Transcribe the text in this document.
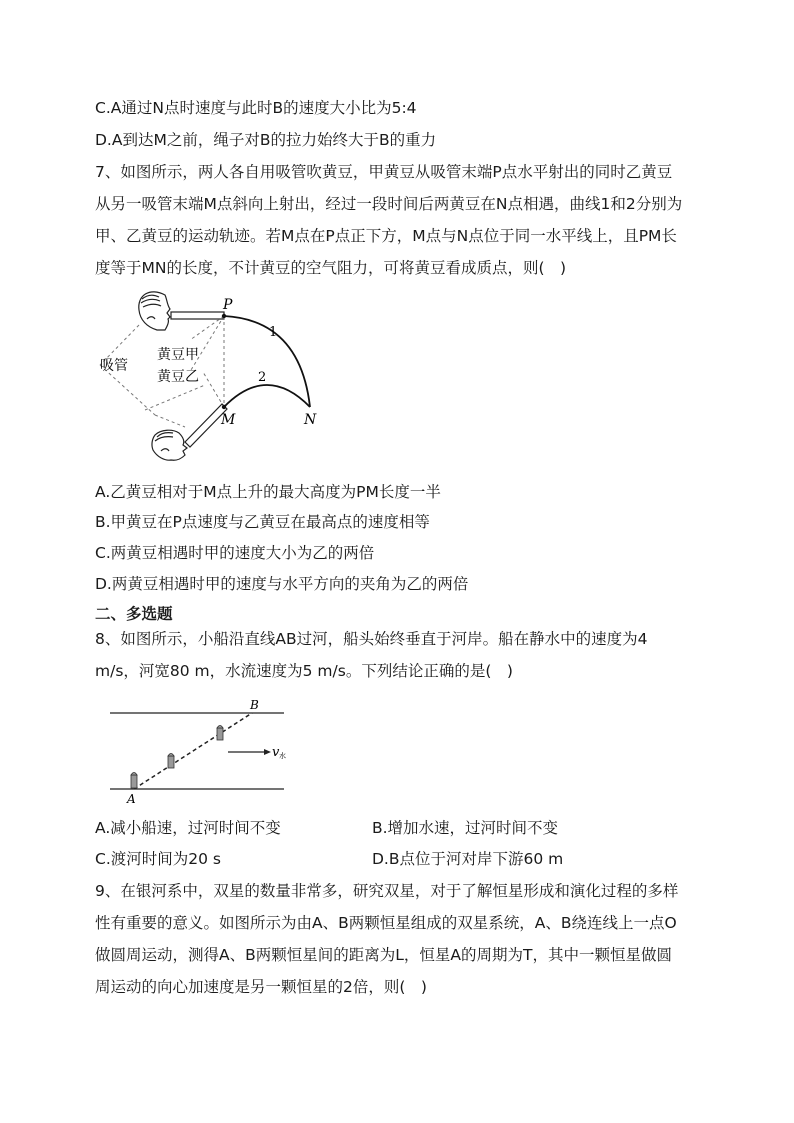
C.A通过N点时速度与此时B的速度大小比为5:4
D.A到达M之前，绳子对B的拉力始终大于B的重力
7、如图所示，两人各自用吸管吹黄豆，甲黄豆从吸管末端P点水平射出的同时乙黄豆
从另一吸管末端M点斜向上射出，经过一段时间后两黄豆在N点相遇，曲线1和2分别为
甲、乙黄豆的运动轨迹。若M点在P点正下方，M点与N点位于同一水平线上，且PM长
度等于MN的长度，不计黄豆的空气阻力，可将黄豆看成质点，则(　)
P
M	N
1
2
吸管
黄豆甲
黄豆乙
A.乙黄豆相对于M点上升的最大高度为PM长度一半
B.甲黄豆在P点速度与乙黄豆在最高点的速度相等
C.两黄豆相遇时甲的速度大小为乙的两倍
D.两黄豆相遇时甲的速度与水平方向的夹角为乙的两倍
二、多选题
8、如图所示，小船沿直线AB过河，船头始终垂直于河岸。船在静水中的速度为4
m/s，河宽80 m，水流速度为5 m/s。下列结论正确的是(　)
v 水
A
B
A.减小船速，过河时间不变	B.增加水速，过河时间不变
C.渡河时间为20 s	D.B点位于河对岸下游60 m
9、在银河系中，双星的数量非常多，研究双星，对于了解恒星形成和演化过程的多样
性有重要的意义。如图所示为由A、B两颗恒星组成的双星系统，A、B绕连线上一点O
做圆周运动，测得A、B两颗恒星间的距离为L，恒星A的周期为T，其中一颗恒星做圆
周运动的向心加速度是另一颗恒星的2倍，则(　)
